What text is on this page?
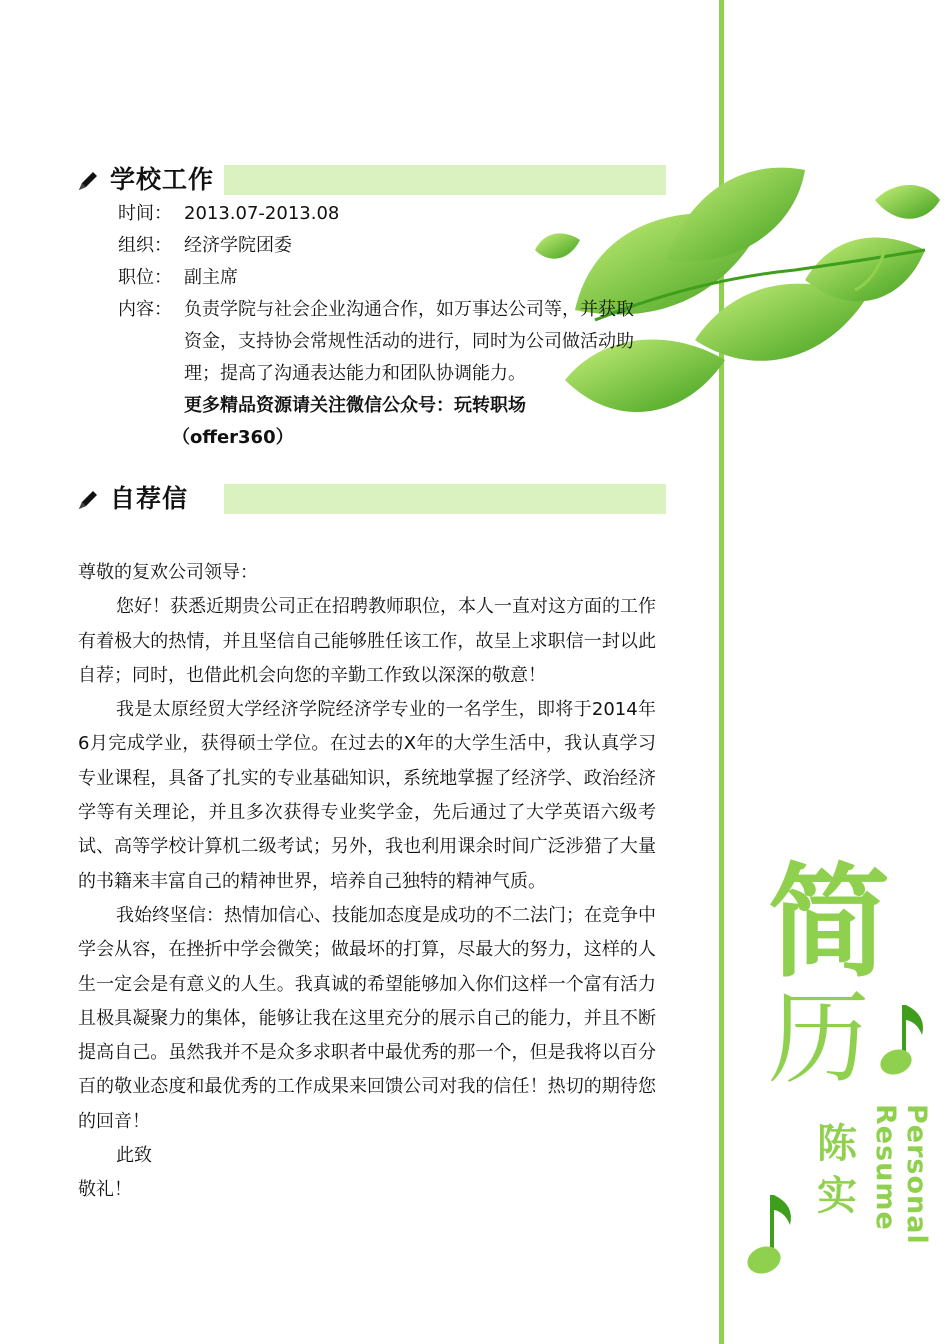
学校工作
时间： 2013.07-2013.08
组织： 经济学院团委
职位： 副主席
内容： 负责学院与社会企业沟通合作，如万事达公司等，并获取资金，支持协会常规性活动的进行，同时为公司做活动助理；提高了沟通表达能力和团队协调能力。
更多精品资源请关注微信公众号：玩转职场
（offer360）
自荐信

尊敬的复欢公司领导：

您好！获悉近期贵公司正在招聘教师职位，本人一直对这方面的工作有着极大的热情，并且坚信自己能够胜任该工作，故呈上求职信一封以此自荐；同时，也借此机会向您的辛勤工作致以深深的敬意！

我是太原经贸大学经济学院经济学专业的一名学生，即将于2014年6月完成学业，获得硕士学位。在过去的X年的大学生活中，我认真学习专业课程，具备了扎实的专业基础知识，系统地掌握了经济学、政治经济学等有关理论，并且多次获得专业奖学金，先后通过了大学英语六级考试、高等学校计算机二级考试；另外，我也利用课余时间广泛涉猎了大量的书籍来丰富自己的精神世界，培养自己独特的精神气质。

我始终坚信：热情加信心、技能加态度是成功的不二法门；在竞争中学会从容，在挫折中学会微笑；做最坏的打算，尽最大的努力，这样的人生一定会是有意义的人生。我真诚的希望能够加入你们这样一个富有活力且极具凝聚力的集体，能够让我在这里充分的展示自己的能力，并且不断提高自己。虽然我并不是众多求职者中最优秀的那一个，但是我将以百分百的敬业态度和最优秀的工作成果来回馈公司对我的信任！热切的期待您的回音！

此致

敬礼！

简
历
陈实	Personal Resume
